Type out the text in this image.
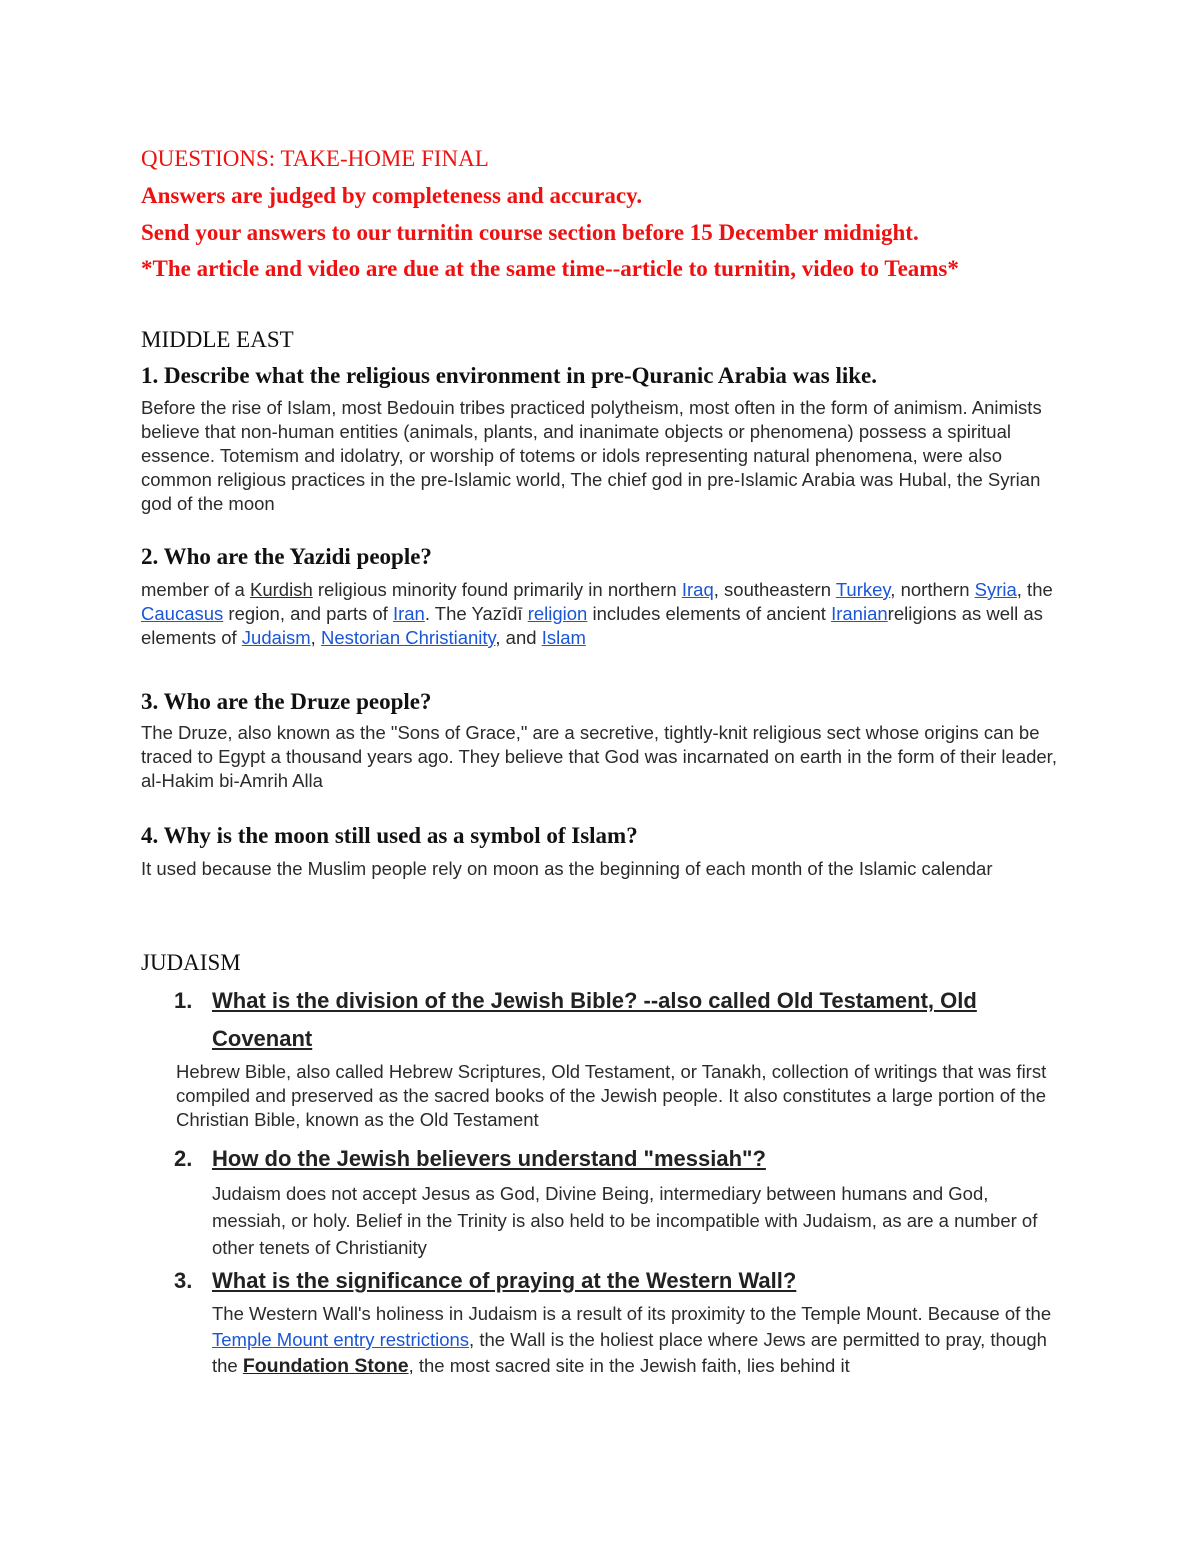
QUESTIONS: TAKE-HOME FINAL
Answers are judged by completeness and accuracy.
Send your answers to our turnitin course section before 15 December midnight.
*The article and video are due at the same time--article to turnitin, video to Teams*
MIDDLE EAST
1. Describe what the religious environment in pre-Quranic Arabia was like.
Before the rise of Islam, most Bedouin tribes practiced polytheism, most often in the form of animism. Animists believe that non-human entities (animals, plants, and inanimate objects or phenomena) possess a spiritual essence. Totemism and idolatry, or worship of totems or idols representing natural phenomena, were also common religious practices in the pre-Islamic world, The chief god in pre-Islamic Arabia was Hubal, the Syrian god of the moon
2. Who are the Yazidi people?
member of a Kurdish religious minority found primarily in northern Iraq, southeastern Turkey, northern Syria, the Caucasus region, and parts of Iran. The Yazīdī religion includes elements of ancient Iranianreligions as well as elements of Judaism, Nestorian Christianity, and Islam
3. Who are the Druze people?
The Druze, also known as the "Sons of Grace," are a secretive, tightly-knit religious sect whose origins can be traced to Egypt a thousand years ago. They believe that God was incarnated on earth in the form of their leader, al-Hakim bi-Amrih Alla
4. Why is the moon still used as a symbol of Islam?
It used because the Muslim people rely on moon as the beginning of each month of the Islamic calendar
JUDAISM
1. What is the division of the Jewish Bible? --also called Old Testament, Old Covenant
Hebrew Bible, also called Hebrew Scriptures, Old Testament, or Tanakh, collection of writings that was first compiled and preserved as the sacred books of the Jewish people. It also constitutes a large portion of the Christian Bible, known as the Old Testament
2. How do the Jewish believers understand "messiah"?
Judaism does not accept Jesus as God, Divine Being, intermediary between humans and God, messiah, or holy. Belief in the Trinity is also held to be incompatible with Judaism, as are a number of other tenets of Christianity
3. What is the significance of praying at the Western Wall?
The Western Wall's holiness in Judaism is a result of its proximity to the Temple Mount. Because of the Temple Mount entry restrictions, the Wall is the holiest place where Jews are permitted to pray, though the Foundation Stone, the most sacred site in the Jewish faith, lies behind it
